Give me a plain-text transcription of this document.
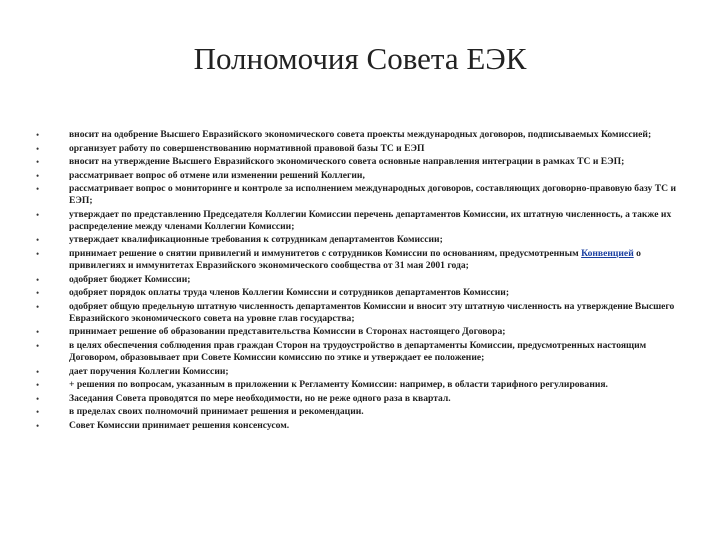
Полномочия Совета ЕЭК
•	вносит на одобрение Высшего Евразийского экономического совета проекты международных договоров, подписываемых Комиссией;
•	организует работу по совершенствованию нормативной правовой базы ТС и ЕЭП
•	вносит на утверждение Высшего Евразийского экономического совета основные направления интеграции в рамках ТС и ЕЭП;
•	рассматривает вопрос об отмене или изменении решений Коллегии,
•	рассматривает вопрос о мониторинге и контроле за исполнением международных договоров, составляющих договорно-правовую базу ТС и ЕЭП;
•	утверждает по представлению Председателя Коллегии Комиссии перечень департаментов Комиссии, их штатную численность, а также их распределение между членами Коллегии Комиссии;
•	утверждает квалификационные требования к сотрудникам департаментов Комиссии;
•	принимает решение о снятии привилегий и иммунитетов с сотрудников Комиссии по основаниям, предусмотренным Конвенцией о привилегиях и иммунитетах Евразийского экономического сообщества от 31 мая 2001 года;
•	одобряет бюджет Комиссии;
•	одобряет порядок оплаты труда членов Коллегии Комиссии и сотрудников департаментов Комиссии;
•	одобряет общую предельную штатную численность департаментов Комиссии и вносит эту штатную численность на утверждение Высшего Евразийского экономического совета на уровне глав государства;
•	принимает решение об образовании представительства Комиссии в Сторонах настоящего Договора;
•	в целях обеспечения соблюдения прав граждан Сторон на трудоустройство в департаменты Комиссии, предусмотренных настоящим Договором, образовывает при Совете Комиссии комиссию по этике и утверждает ее положение;
•	дает поручения Коллегии Комиссии;
•	+ решения по вопросам, указанным в приложении к Регламенту Комиссии: например, в области тарифного регулирования.
•	Заседания Совета проводятся по мере необходимости, но не реже одного раза в квартал.
•	в пределах своих полномочий принимает решения и рекомендации.
•	Совет Комиссии принимает решения консенсусом.
